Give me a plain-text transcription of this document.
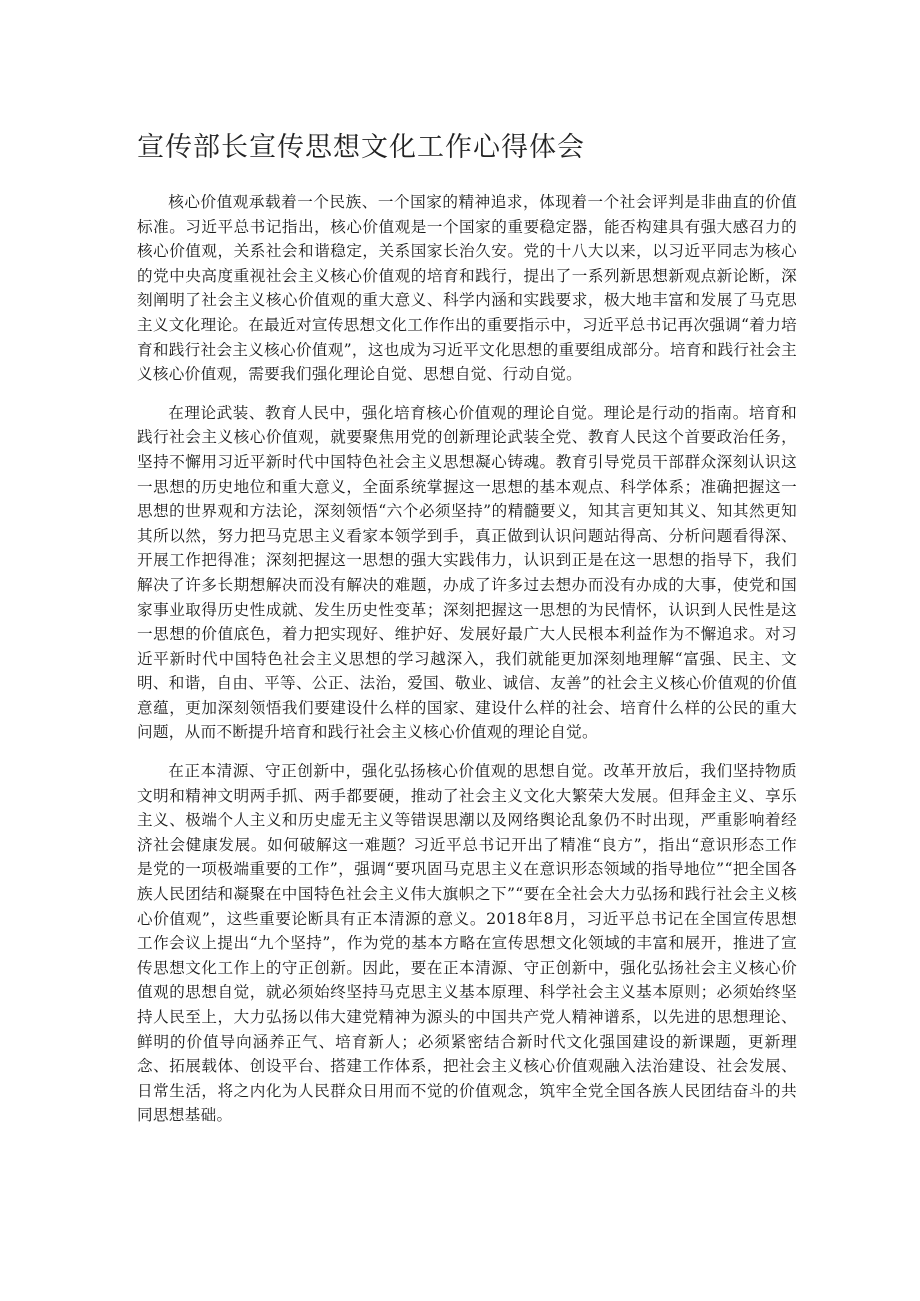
宣传部长宣传思想文化工作心得体会

核心价值观承载着一个民族、一个国家的精神追求，体现着一个社会评判是非曲直的价值标准。习近平总书记指出，核心价值观是一个国家的重要稳定器，能否构建具有强大感召力的核心价值观，关系社会和谐稳定，关系国家长治久安。党的十八大以来，以习近平同志为核心的党中央高度重视社会主义核心价值观的培育和践行，提出了一系列新思想新观点新论断，深刻阐明了社会主义核心价值观的重大意义、科学内涵和实践要求，极大地丰富和发展了马克思主义文化理论。在最近对宣传思想文化工作作出的重要指示中，习近平总书记再次强调“着力培育和践行社会主义核心价值观”，这也成为习近平文化思想的重要组成部分。培育和践行社会主义核心价值观，需要我们强化理论自觉、思想自觉、行动自觉。

在理论武装、教育人民中，强化培育核心价值观的理论自觉。理论是行动的指南。培育和践行社会主义核心价值观，就要聚焦用党的创新理论武装全党、教育人民这个首要政治任务，坚持不懈用习近平新时代中国特色社会主义思想凝心铸魂。教育引导党员干部群众深刻认识这一思想的历史地位和重大意义，全面系统掌握这一思想的基本观点、科学体系；准确把握这一思想的世界观和方法论，深刻领悟“六个必须坚持”的精髓要义，知其言更知其义、知其然更知其所以然，努力把马克思主义看家本领学到手，真正做到认识问题站得高、分析问题看得深、开展工作把得准；深刻把握这一思想的强大实践伟力，认识到正是在这一思想的指导下，我们解决了许多长期想解决而没有解决的难题，办成了许多过去想办而没有办成的大事，使党和国家事业取得历史性成就、发生历史性变革；深刻把握这一思想的为民情怀，认识到人民性是这一思想的价值底色，着力把实现好、维护好、发展好最广大人民根本利益作为不懈追求。对习近平新时代中国特色社会主义思想的学习越深入，我们就能更加深刻地理解“富强、民主、文明、和谐，自由、平等、公正、法治，爱国、敬业、诚信、友善”的社会主义核心价值观的价值意蕴，更加深刻领悟我们要建设什么样的国家、建设什么样的社会、培育什么样的公民的重大问题，从而不断提升培育和践行社会主义核心价值观的理论自觉。

在正本清源、守正创新中，强化弘扬核心价值观的思想自觉。改革开放后，我们坚持物质文明和精神文明两手抓、两手都要硬，推动了社会主义文化大繁荣大发展。但拜金主义、享乐主义、极端个人主义和历史虚无主义等错误思潮以及网络舆论乱象仍不时出现，严重影响着经济社会健康发展。如何破解这一难题？习近平总书记开出了精准“良方”，指出“意识形态工作是党的一项极端重要的工作”，强调“要巩固马克思主义在意识形态领域的指导地位”“把全国各族人民团结和凝聚在中国特色社会主义伟大旗帜之下”“要在全社会大力弘扬和践行社会主义核心价值观”，这些重要论断具有正本清源的意义。2018年8月，习近平总书记在全国宣传思想工作会议上提出“九个坚持”，作为党的基本方略在宣传思想文化领域的丰富和展开，推进了宣传思想文化工作上的守正创新。因此，要在正本清源、守正创新中，强化弘扬社会主义核心价值观的思想自觉，就必须始终坚持马克思主义基本原理、科学社会主义基本原则；必须始终坚持人民至上，大力弘扬以伟大建党精神为源头的中国共产党人精神谱系，以先进的思想理论、鲜明的价值导向涵养正气、培育新人；必须紧密结合新时代文化强国建设的新课题，更新理念、拓展载体、创设平台、搭建工作体系，把社会主义核心价值观融入法治建设、社会发展、日常生活，将之内化为人民群众日用而不觉的价值观念，筑牢全党全国各族人民团结奋斗的共同思想基础。
